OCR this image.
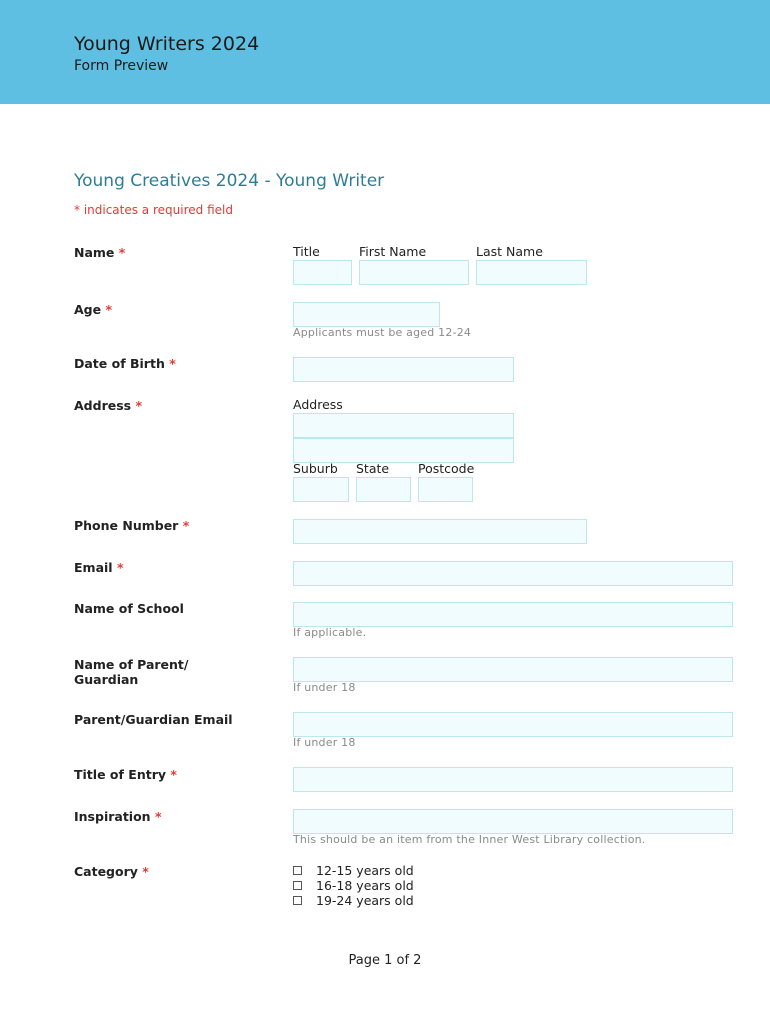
Young Writers 2024
Form Preview
Young Creatives 2024 - Young Writer
* indicates a required field
Name *	Title	First Name	Last Name
Age *
Applicants must be aged 12-24
Date of Birth *
Address *	Address
Suburb State Postcode
Phone Number *
Email *
Name of School
If applicable.
Name of Parent/
Guardian
If under 18
Parent/Guardian Email
If under 18
Title of Entry *
Inspiration *
This should be an item from the Inner West Library collection.
Category *	12-15 years old
16-18 years old
19-24 years old
Page 1 of 2
